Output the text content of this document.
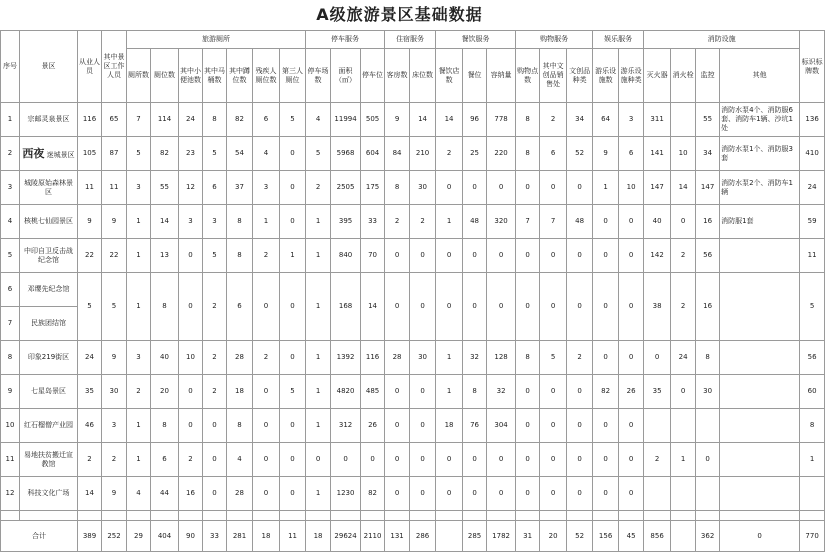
A级旅游景区基础数据
序号	景区	从业人员	其中景区工作人员	旅游厕所							停车服务			住宿服务		餐饮服务			购物服务			娱乐服务		消防设施				标识标牌数
				厕所数	厕位数	其中小便池数	其中马桶数	其中蹲位数	残疾人厕位数	第三人厕位	停车场数	面积（㎡）	停车位	客房数	床位数	餐饮店数	餐位	容纳量	购物点数	其中文创品销售处	文创品种类	游乐设施数	游乐设施种类	灭火器	消火栓	监控	其他	
1	宗邮灵泉景区	116	65	7	114	24	8	82	6	5	4	11994	505	9	14	14	96	778	8	2	34	64	3	311		55	消防水泵4个、消防服6套、消防车1辆、沙坑1处	136
2	西夜 迷城景区	105	87	5	82	23	5	54	4	0	5	5968	604	84	210	2	25	220	8	6	52	9	6	141	10	34	消防水泵1个、消防服3套	410
3	城陵原始森林景区	11	11	3	55	12	6	37	3	0	2	2505	175	8	30	0	0	0	0	0	0	1	10	147	14	147	消防水泵2个、消防车1辆	24
4	核桃七仙园景区	9	9	1	14	3	3	8	1	0	1	395	33	2	2	1	48	320	7	7	48	0	0	40	0	16	消防服1套	59
5	中印自卫反击战纪念馆	22	22	1	13	0	5	8	2	1	1	840	70	0	0	0	0	0	0	0	0	0	0	142	2	56		11
6	邓缨先纪念馆	5	5	1	8	0	2	6	0	0	1	168	14	0	0	0	0	0	0	0	0	0	0	38	2	16		5
7	民族团结馆																											
8	印象219街区	24	9	3	40	10	2	28	2	0	1	1392	116	28	30	1	32	128	8	5	2	0	0	0	24	8		56
9	七星岛景区	35	30	2	20	0	2	18	0	5	1	4820	485	0	0	1	8	32	0	0	0	82	26	35	0	30		60
10	红石榴僧产业园	46	3	1	8	0	0	8	0	0	1	312	26	0	0	18	76	304	0	0	0	0	0					8
11	易地扶贫搬迁宣教馆	2	2	1	6	2	0	4	0	0	0	0	0	0	0	0	0	0	0	0	0	0	0	2	1	0		1
12	科技文化广场	14	9	4	44	16	0	28	0	0	1	1230	82	0	0	0	0	0	0	0	0	0	0					

合计		389	252	29	404	90	33	281	18	11	18	29624	2110	131	286		285	1782	31	20	52	156	45	856		362	0	770
